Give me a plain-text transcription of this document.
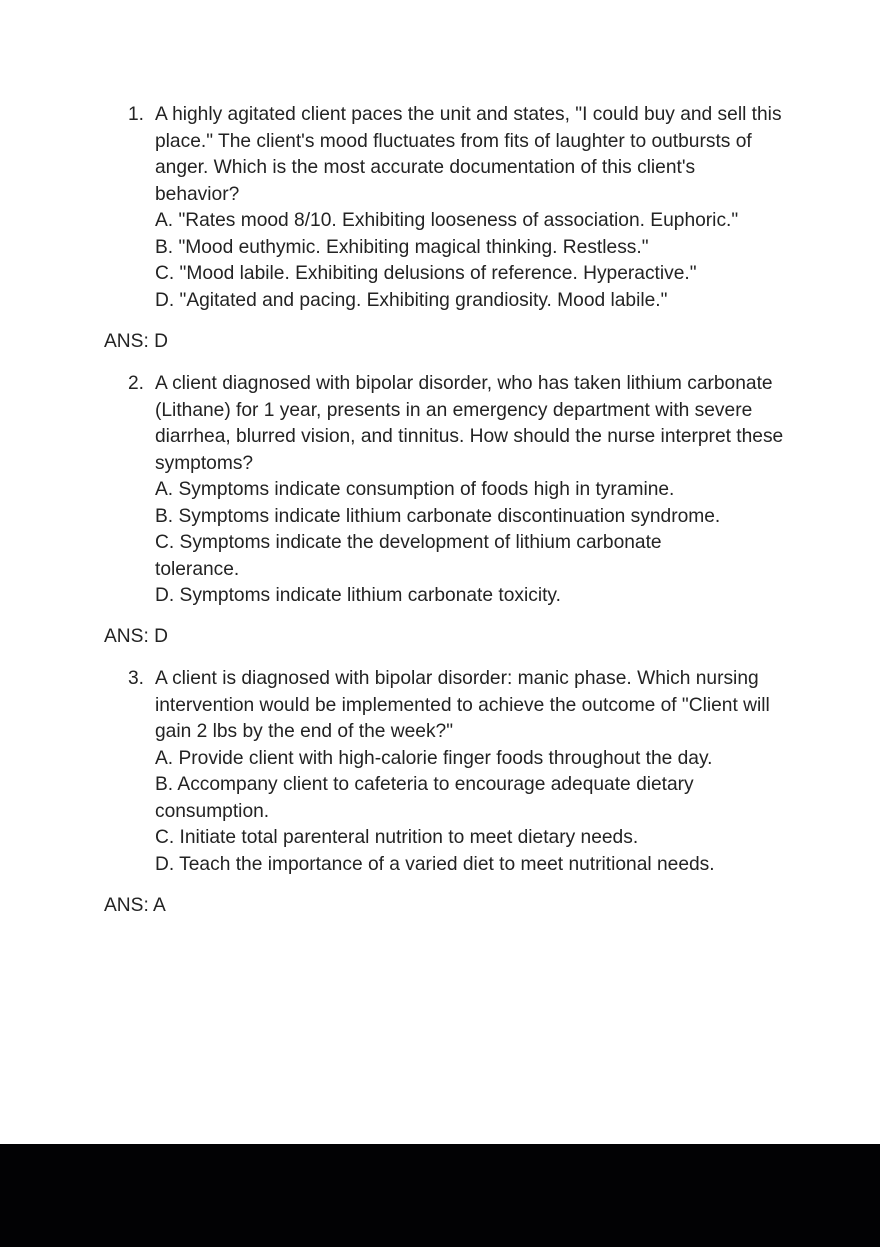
1. A highly agitated client paces the unit and states, "I could buy and sell this place." The client's mood fluctuates from fits of laughter to outbursts of anger. Which is the most accurate documentation of this client's behavior?
A. "Rates mood 8/10. Exhibiting looseness of association. Euphoric."
B. "Mood euthymic. Exhibiting magical thinking. Restless."
C. "Mood labile. Exhibiting delusions of reference. Hyperactive."
D. "Agitated and pacing. Exhibiting grandiosity. Mood labile."
ANS: D
2. A client diagnosed with bipolar disorder, who has taken lithium carbonate (Lithane) for 1 year, presents in an emergency department with severe diarrhea, blurred vision, and tinnitus. How should the nurse interpret these symptoms?
A. Symptoms indicate consumption of foods high in tyramine.
B. Symptoms indicate lithium carbonate discontinuation syndrome.
C. Symptoms indicate the development of lithium carbonate tolerance.
D. Symptoms indicate lithium carbonate toxicity.
ANS: D
3. A client is diagnosed with bipolar disorder: manic phase. Which nursing intervention would be implemented to achieve the outcome of "Client will gain 2 lbs by the end of the week?"
A. Provide client with high-calorie finger foods throughout the day.
B. Accompany client to cafeteria to encourage adequate dietary consumption.
C. Initiate total parenteral nutrition to meet dietary needs.
D. Teach the importance of a varied diet to meet nutritional needs.
ANS: A
